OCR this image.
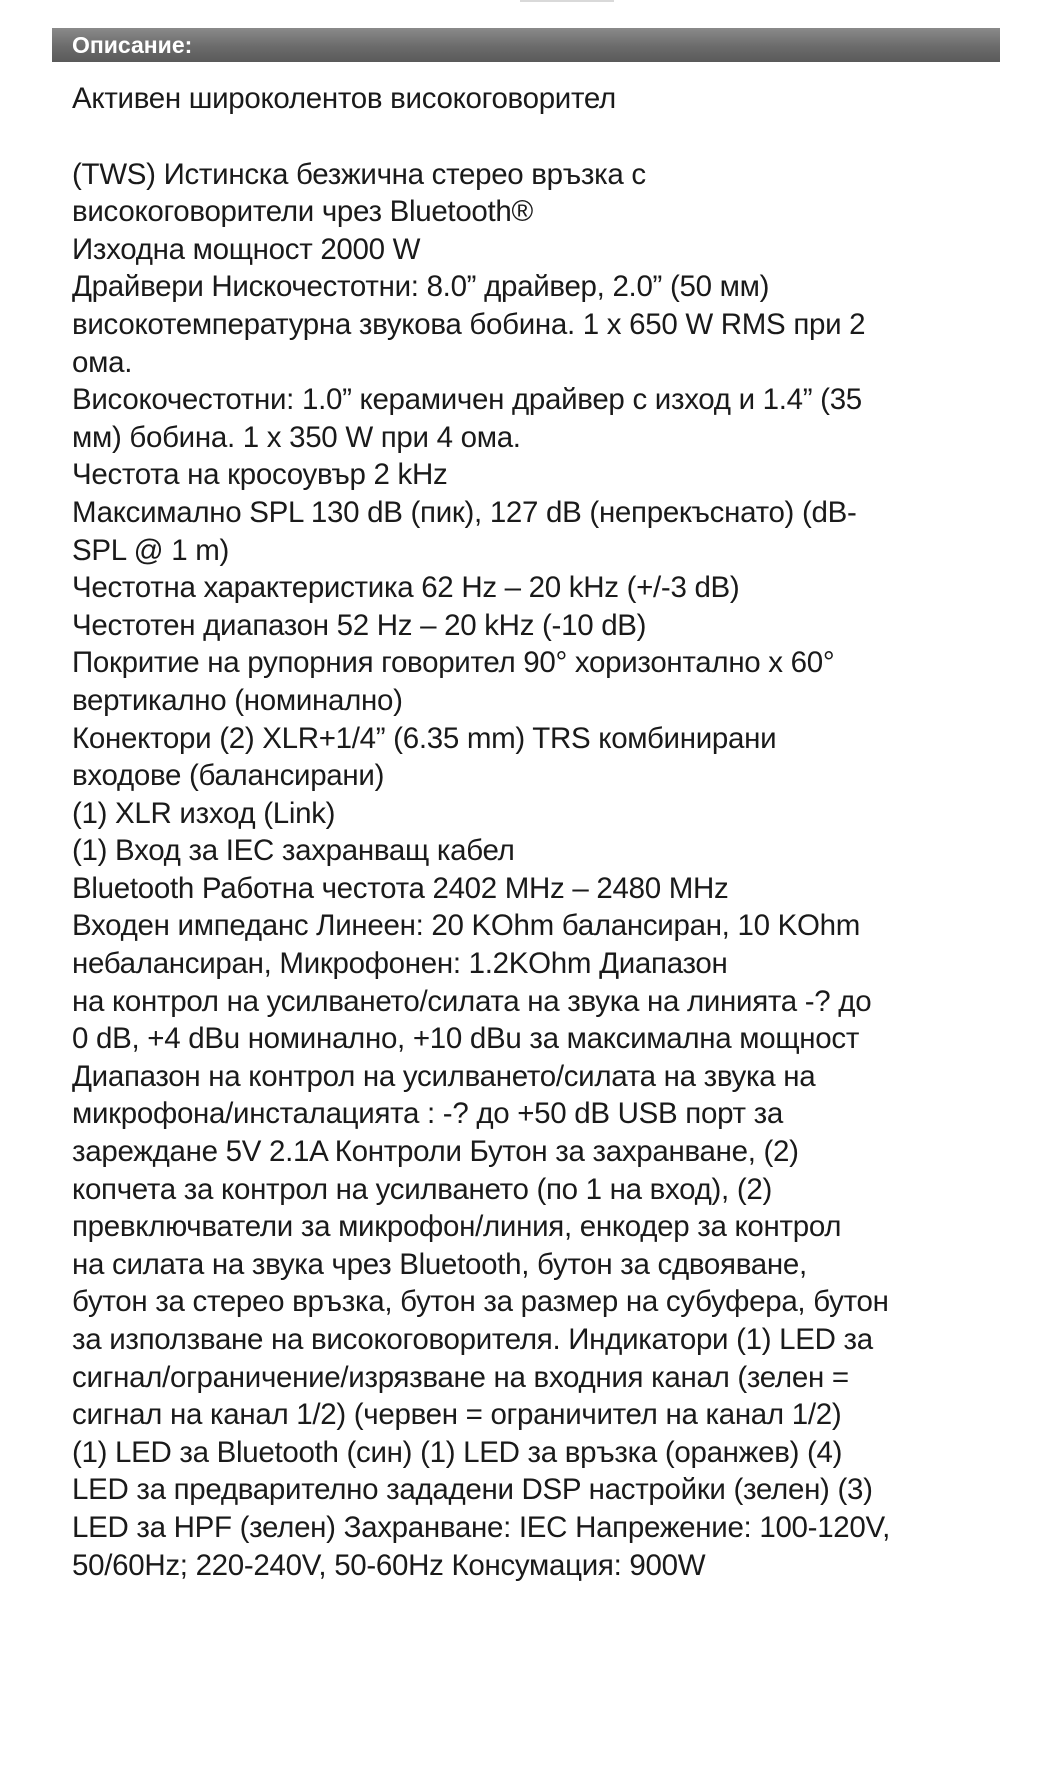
Описание:

Активен широколентов високоговорител

(TWS) Истинска безжична стерео връзка с

високоговорители чрез Bluetooth®

Изходна мощност 2000 W

Драйвери Нискочестотни: 8.0” драйвер, 2.0” (50 мм)

високотемпературна звукова бобина. 1 x 650 W RMS при 2

ома.

Високочестотни: 1.0” керамичен драйвер с изход и 1.4” (35

мм) бобина. 1 x 350 W при 4 ома.

Честота на кросоувър 2 kHz

Максимално SPL 130 dB (пик), 127 dB (непрекъснато) (dB-

SPL @ 1 m)

Честотна характеристика 62 Hz – 20 kHz (+/-3 dB)

Честотен диапазон 52 Hz – 20 kHz (-10 dB)

Покритие на рупорния говорител 90° хоризонтално x 60°

вертикално (номинално)

Конектори (2) XLR+1/4” (6.35 mm) TRS комбинирани

входове (балансирани)

(1) XLR изход (Link)

(1) Вход за IEC захранващ кабел

Bluetooth Работна честота 2402 MHz – 2480 MHz

Входен импеданс Линеен: 20 KOhm балансиран, 10 KOhm

небалансиран, Микрофонен: 1.2KOhm Диапазон

на контрол на усилването/силата на звука на линията -? до

0 dB, +4 dBu номинално, +10 dBu за максимална мощност

Диапазон на контрол на усилването/силата на звука на

микрофона/инсталацията : -? до +50 dB USB порт за

зареждане 5V 2.1A Контроли Бутон за захранване, (2)

копчета за контрол на усилването (по 1 на вход), (2)

превключватели за микрофон/линия, енкодер за контрол

на силата на звука чрез Bluetooth, бутон за сдвояване,

бутон за стерео връзка, бутон за размер на субуфера, бутон

за използване на високоговорителя. Индикатори (1) LED за

сигнал/ограничение/изрязване на входния канал (зелен =

сигнал на канал 1/2) (червен = ограничител на канал 1/2)

(1) LED за Bluetooth (син) (1) LED за връзка (оранжев) (4)

LED за предварително зададени DSP настройки (зелен) (3)

LED за HPF (зелен) Захранване: IEC Напрежение: 100-120V,

50/60Hz; 220-240V, 50-60Hz Консумация: 900W
